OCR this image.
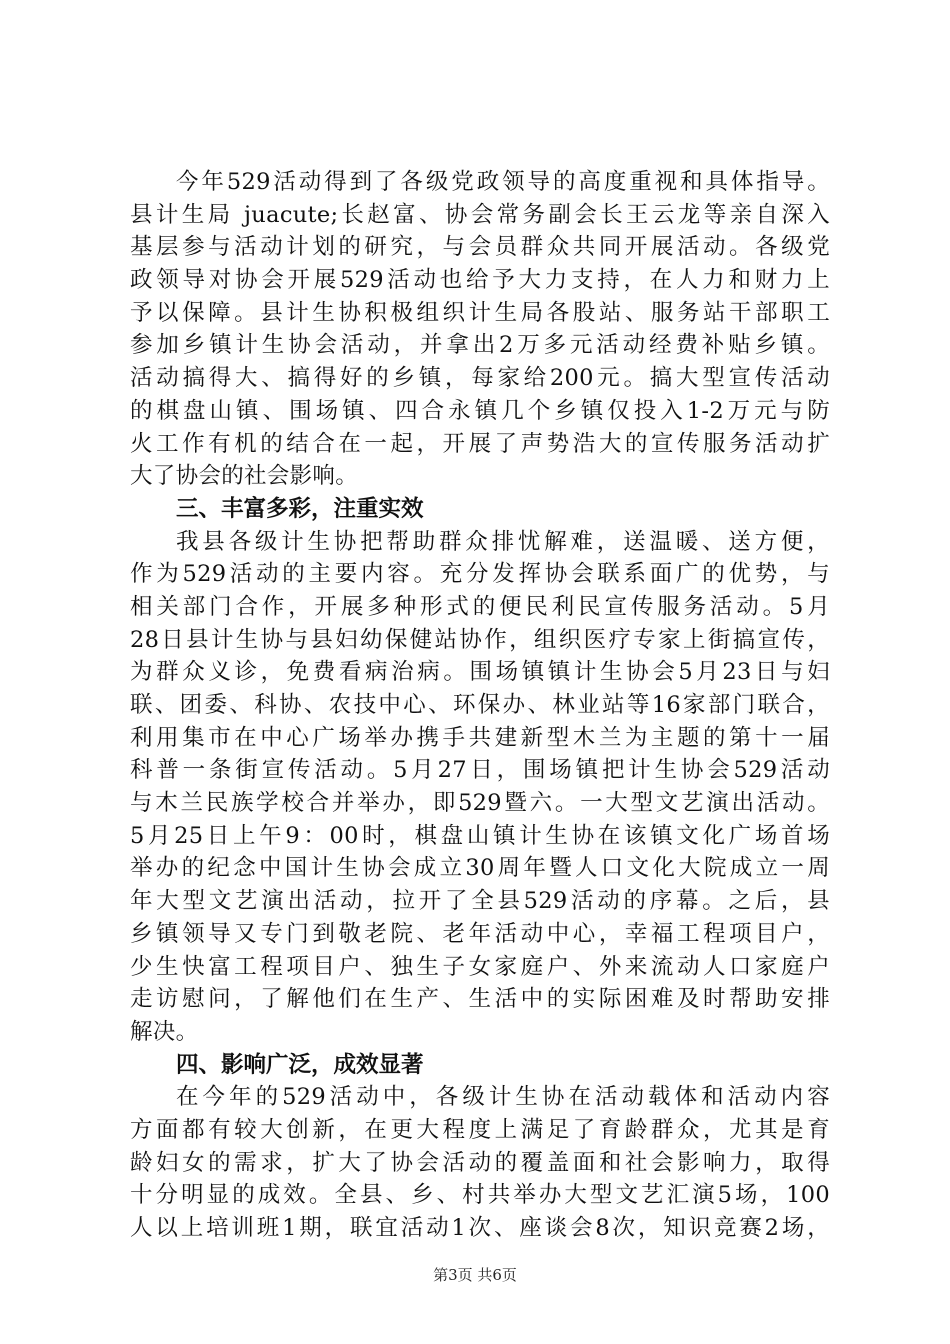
今年529活动得到了各级党政领导的高度重视和具体指导。
县计生局 juacute;长赵富、协会常务副会长王云龙等亲自深入
基层参与活动计划的研究，与会员群众共同开展活动。各级党
政领导对协会开展529活动也给予大力支持，在人力和财力上
予以保障。县计生协积极组织计生局各股站、服务站干部职工
参加乡镇计生协会活动，并拿出2万多元活动经费补贴乡镇。
活动搞得大、搞得好的乡镇，每家给200元。搞大型宣传活动
的棋盘山镇、围场镇、四合永镇几个乡镇仅投入1-2万元与防
火工作有机的结合在一起，开展了声势浩大的宣传服务活动扩
大了协会的社会影响。
三、丰富多彩，注重实效
我县各级计生协把帮助群众排忧解难，送温暖、送方便，
作为529活动的主要内容。充分发挥协会联系面广的优势，与
相关部门合作，开展多种形式的便民利民宣传服务活动。5月
28日县计生协与县妇幼保健站协作，组织医疗专家上街搞宣传，
为群众义诊，免费看病治病。围场镇镇计生协会5月23日与妇
联、团委、科协、农技中心、环保办、林业站等16家部门联合，
利用集市在中心广场举办携手共建新型木兰为主题的第十一届
科普一条街宣传活动。5月27日，围场镇把计生协会529活动
与木兰民族学校合并举办，即529暨六。一大型文艺演出活动。
5月25日上午9：00时，棋盘山镇计生协在该镇文化广场首场
举办的纪念中国计生协会成立30周年暨人口文化大院成立一周
年大型文艺演出活动，拉开了全县529活动的序幕。之后，县
乡镇领导又专门到敬老院、老年活动中心，幸福工程项目户，
少生快富工程项目户、独生子女家庭户、外来流动人口家庭户
走访慰问，了解他们在生产、生活中的实际困难及时帮助安排
解决。
四、影响广泛，成效显著
在今年的529活动中，各级计生协在活动载体和活动内容
方面都有较大创新，在更大程度上满足了育龄群众，尤其是育
龄妇女的需求，扩大了协会活动的覆盖面和社会影响力，取得
十分明显的成效。全县、乡、村共举办大型文艺汇演5场，100
人以上培训班1期，联宜活动1次、座谈会8次，知识竞赛2场，
第3页 共6页
